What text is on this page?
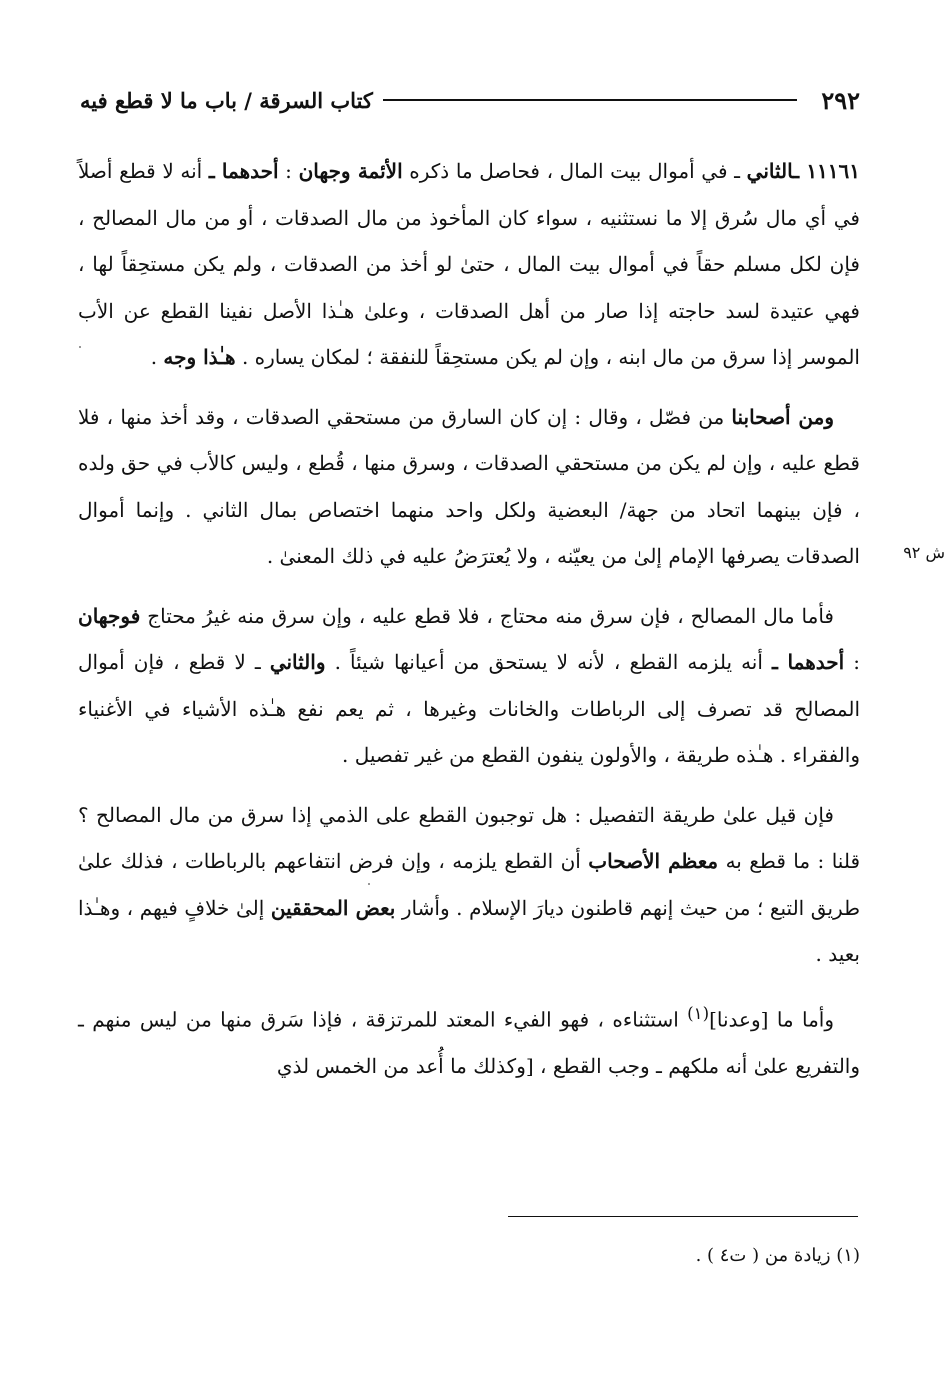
٢٩٢
كتاب السرقة / باب ما لا قطع فيه
ش ٩٢

١١١٦١ ـالثاني ـ في أموال بيت المال ، فحاصل ما ذكره الأئمة وجهان : أحدهما ـ أنه لا قطع أصلاً في أي مال سُرق إلا ما نستثنيه ، سواء كان المأخوذ من مال الصدقات ، أو من مال المصالح ، فإن لكل مسلم حقاً في أموال بيت المال ، حتىٰ لو أخذ من الصدقات ، ولم يكن مستحِقاً لها ، فهي عتيدة لسد حاجته إذا صار من أهل الصدقات ، وعلىٰ هـٰذا الأصل نفينا القطع عن الأب الموسر إذا سرق من مال ابنه ، وإن لم يكن مستحِقاً للنفقة ؛ لمكان يساره . هـٰذا وجه .

ومن أصحابنا من فصّل ، وقال : إن كان السارق من مستحقي الصدقات ، وقد أخذ منها ، فلا قطع عليه ، وإن لم يكن من مستحقي الصدقات ، وسرق منها ، قُطع ، وليس كالأب في حق ولده ، فإن بينهما اتحاد من جهة/ البعضية ولكل واحد منهما اختصاص بمال الثاني . وإنما أموال الصدقات يصرفها الإمام إلىٰ من يعيّنه ، ولا يُعترَضُ عليه في ذلك المعنىٰ .

فأما مال المصالح ، فإن سرق منه محتاج ، فلا قطع عليه ، وإن سرق منه غيرُ محتاج فوجهان : أحدهما ـ أنه يلزمه القطع ، لأنه لا يستحق من أعيانها شيئاً . والثاني ـ لا قطع ، فإن أموال المصالح قد تصرف إلى الرباطات والخانات وغيرها ، ثم يعم نفع هـٰذه الأشياء في الأغنياء والفقراء . هـٰذه طريقة ، والأولون ينفون القطع من غير تفصيل .

فإن قيل علىٰ طريقة التفصيل : هل توجبون القطع على الذمي إذا سرق من مال المصالح ؟ قلنا : ما قطع به معظم الأصحاب أن القطع يلزمه ، وإن فرض انتفاعهم بالرباطات ، فذلك علىٰ طريق التبع ؛ من حيث إنهم قاطنون ديارَ الإسلام . وأشار بعض المحققين إلىٰ خلافٍ فيهم ، وهـٰذا بعيد .

وأما ما [وعدنا]$^{(١)}$ استثناءه ، فهو الفيء المعتد للمرتزقة ، فإذا سَرق منها من ليس منهم ـ والتفريع علىٰ أنه ملكهم ـ وجب القطع ، [وكذلك ما أُعد من الخمس لذي

(١) زيادة من ( ت٤ ) .
